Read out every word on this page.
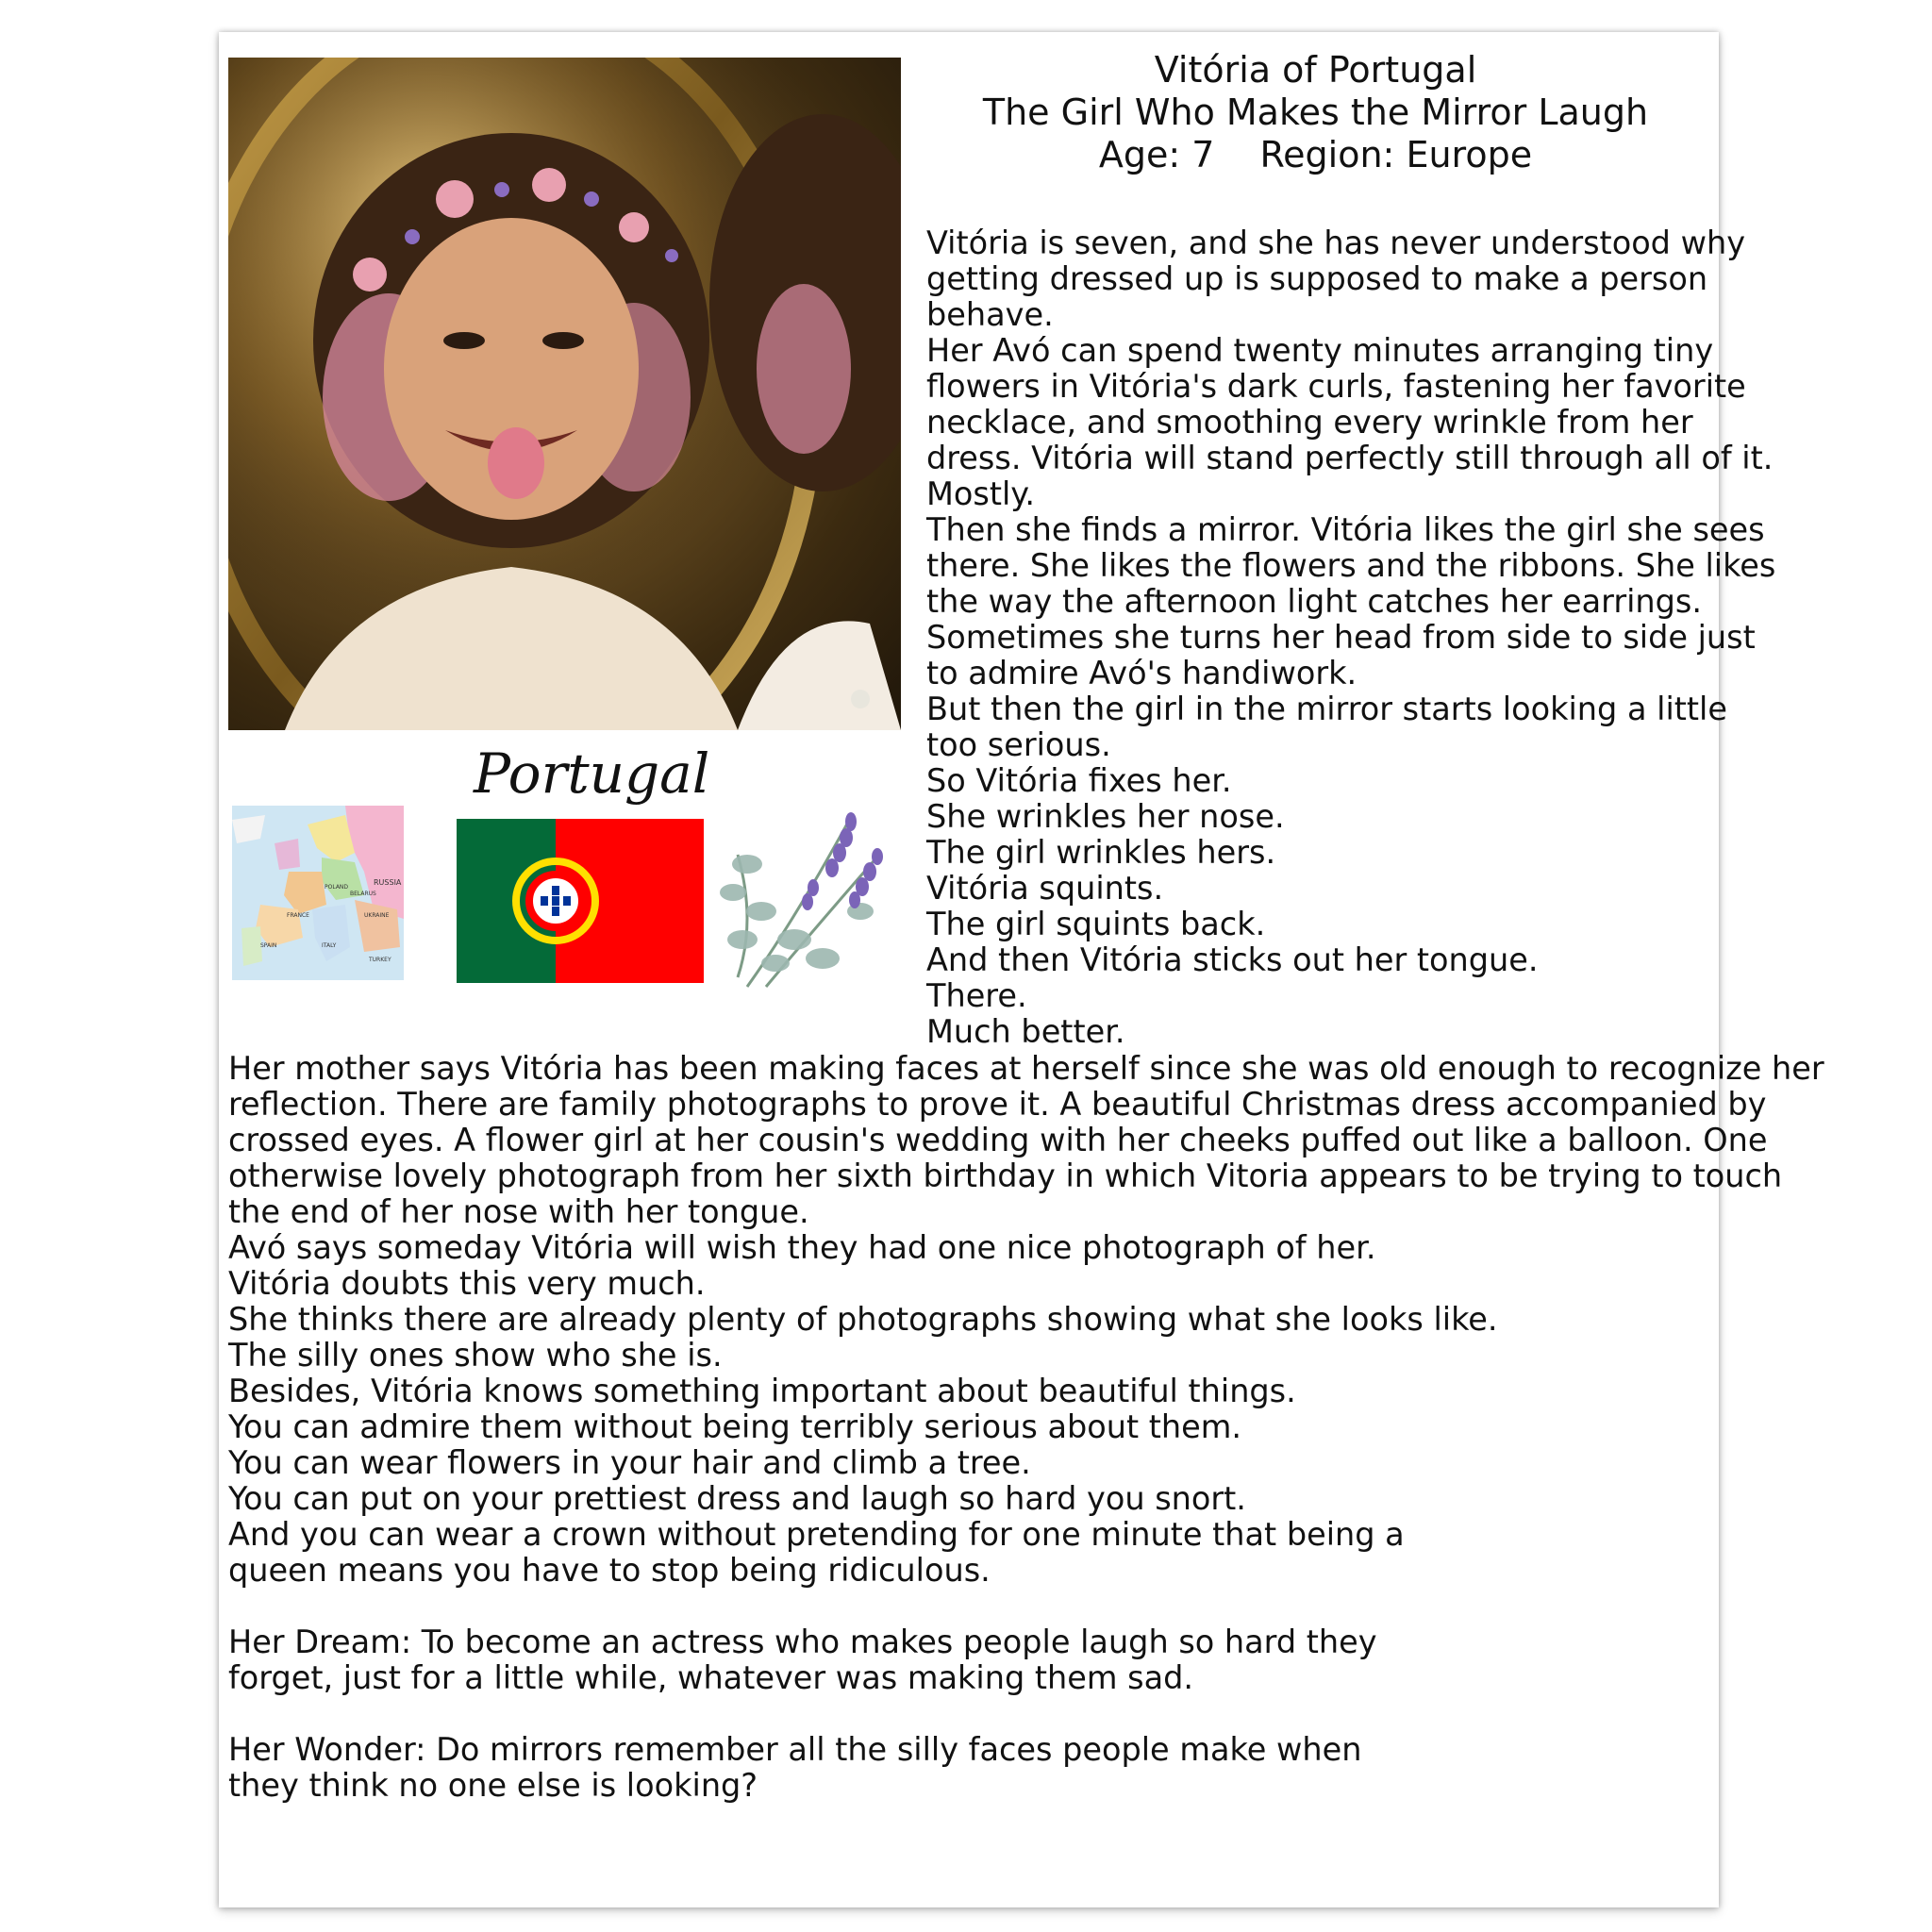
Vitória of Portugal
The Girl Who Makes the Mirror Laugh
Age: 7 Region: Europe

Vitória is seven, and she has never understood why

getting dressed up is supposed to make a person

behave.

Her Avó can spend twenty minutes arranging tiny

flowers in Vitória's dark curls, fastening her favorite

necklace, and smoothing every wrinkle from her

dress. Vitória will stand perfectly still through all of it.

Mostly.

Then she finds a mirror. Vitória likes the girl she sees

there. She likes the flowers and the ribbons. She likes

the way the afternoon light catches her earrings.

Sometimes she turns her head from side to side just

to admire Avó's handiwork.

But then the girl in the mirror starts looking a little

too serious.

So Vitória fixes her.

She wrinkles her nose.

The girl wrinkles hers.

Vitória squints.

The girl squints back.

And then Vitória sticks out her tongue.

There.

Much better.

Portugal
RUSSIA
POLAND
FRANCE
SPAIN	ITALY
TURKEY
UKRAINE
BELARUS

Her mother says Vitória has been making faces at herself since she was old enough to recognize her

reflection. There are family photographs to prove it. A beautiful Christmas dress accompanied by

crossed eyes. A flower girl at her cousin's wedding with her cheeks puffed out like a balloon. One

otherwise lovely photograph from her sixth birthday in which Vitoria appears to be trying to touch

the end of her nose with her tongue.

Avó says someday Vitória will wish they had one nice photograph of her.

Vitória doubts this very much.

She thinks there are already plenty of photographs showing what she looks like.

The silly ones show who she is.

Besides, Vitória knows something important about beautiful things.

You can admire them without being terribly serious about them.

You can wear flowers in your hair and climb a tree.

You can put on your prettiest dress and laugh so hard you snort.

And you can wear a crown without pretending for one minute that being a

queen means you have to stop being ridiculous.

Her Dream: To become an actress who makes people laugh so hard they

forget, just for a little while, whatever was making them sad.

Her Wonder: Do mirrors remember all the silly faces people make when

they think no one else is looking?
